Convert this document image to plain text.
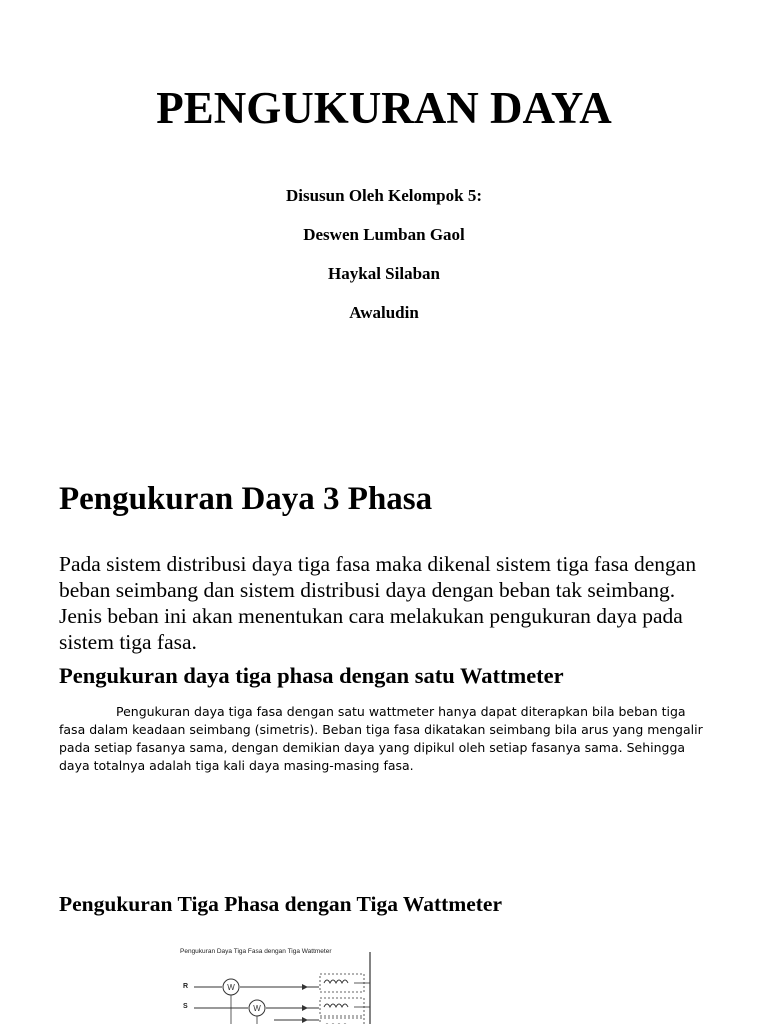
PENGUKURAN DAYA

Disusun Oleh Kelompok 5:

Deswen Lumban Gaol

Haykal Silaban

Awaludin

Pengukuran Daya 3 Phasa

Pada sistem distribusi daya tiga fasa maka dikenal sistem tiga fasa dengan beban seimbang dan sistem distribusi daya dengan beban tak seimbang. Jenis beban ini akan menentukan cara melakukan pengukuran daya pada sistem tiga fasa.

Pengukuran daya tiga phasa dengan satu Wattmeter

Pengukuran daya tiga fasa dengan satu wattmeter hanya dapat diterapkan bila beban tiga fasa dalam keadaan seimbang (simetris). Beban tiga fasa dikatakan seimbang bila arus yang mengalir pada setiap fasanya sama, dengan demikian daya yang dipikul oleh setiap fasanya sama. Sehingga daya totalnya adalah tiga kali daya masing-masing fasa.

Pengukuran Tiga Phasa dengan Tiga Wattmeter

Pengukuran Daya Tiga Fasa dengan Tiga Wattmeter

R
S
W
W
